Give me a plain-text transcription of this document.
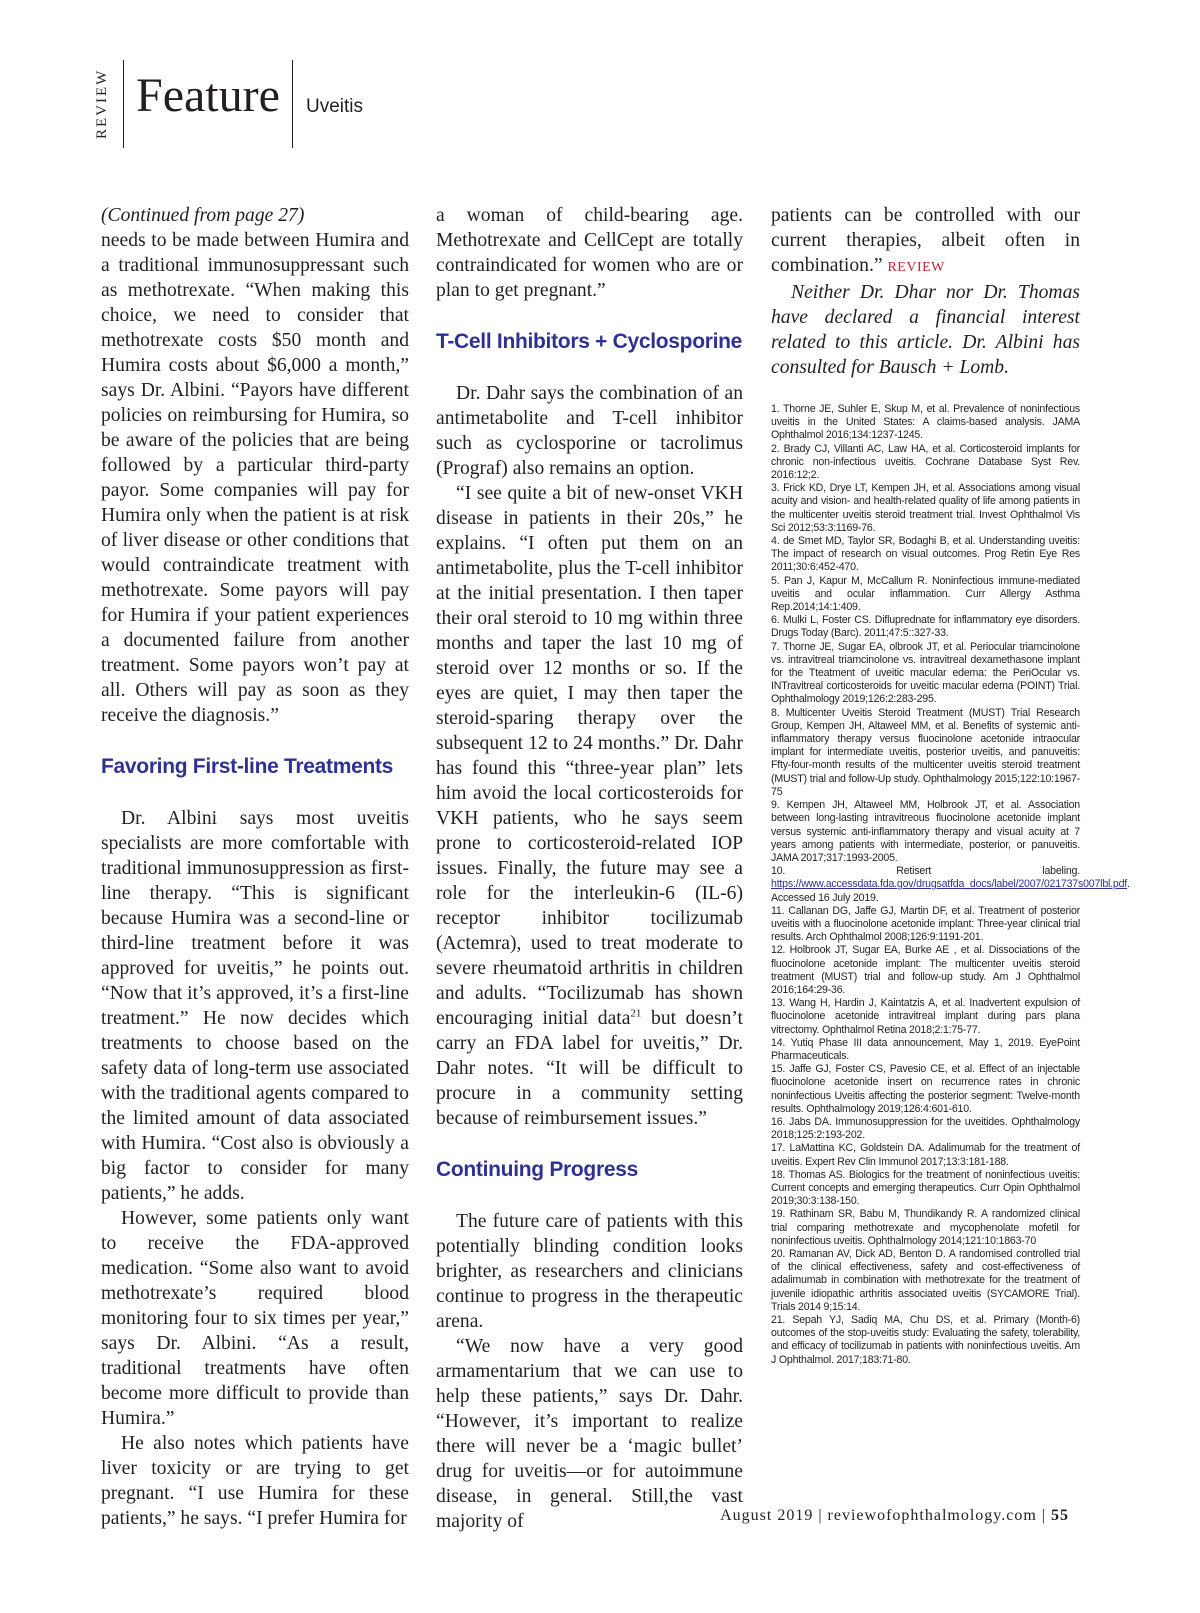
REVIEW Feature Uveitis

(Continued from page 27)

needs to be made between Humira and a traditional immunosuppressant such as methotrexate. “When making this choice, we need to consider that methotrexate costs $50 month and Humira costs about $6,000 a month,” says Dr. Albini. “Payors have different policies on reimbursing for Humira, so be aware of the policies that are being followed by a particular third-party payor. Some companies will pay for Humira only when the patient is at risk of liver disease or other conditions that would contraindicate treatment with methotrexate. Some payors will pay for Humira if your patient experiences a documented failure from another treatment. Some payors won’t pay at all. Others will pay as soon as they receive the diagnosis.”

Favoring First-line Treatments

Dr. Albini says most uveitis specialists are more comfortable with traditional immunosuppression as first-line therapy. “This is significant because Humira was a second-line or third-line treatment before it was approved for uveitis,” he points out. “Now that it’s approved, it’s a first-line treatment.” He now decides which treatments to choose based on the safety data of long-term use associated with the traditional agents compared to the limited amount of data associated with Humira. “Cost also is obviously a big factor to consider for many patients,” he adds.

However, some patients only want to receive the FDA-approved medication. “Some also want to avoid methotrexate’s required blood monitoring four to six times per year,” says Dr. Albini. “As a result, traditional treatments have often become more difficult to provide than Humira.”

He also notes which patients have liver toxicity or are trying to get pregnant. “I use Humira for these patients,” he says. “I prefer Humira for

a woman of child-bearing age. Methotrexate and CellCept are totally contraindicated for women who are or plan to get pregnant.”

T-Cell Inhibitors + Cyclosporine

Dr. Dahr says the combination of an antimetabolite and T-cell inhibitor such as cyclosporine or tacrolimus (Prograf) also remains an option.

“I see quite a bit of new-onset VKH disease in patients in their 20s,” he explains. “I often put them on an antimetabolite, plus the T-cell inhibitor at the initial presentation. I then taper their oral steroid to 10 mg within three months and taper the last 10 mg of steroid over 12 months or so. If the eyes are quiet, I may then taper the steroid-sparing therapy over the subsequent 12 to 24 months.” Dr. Dahr has found this “three-year plan” lets him avoid the local corticosteroids for VKH patients, who he says seem prone to corticosteroid-related IOP issues. Finally, the future may see a role for the interleukin-6 (IL-6) receptor inhibitor tocilizumab (Actemra), used to treat moderate to severe rheumatoid arthritis in children and adults. “Tocilizumab has shown encouraging initial data$^{21}$ but doesn’t carry an FDA label for uveitis,” Dr. Dahr notes. “It will be difficult to procure in a community setting because of reimbursement issues.”

Continuing Progress

The future care of patients with this potentially blinding condition looks brighter, as researchers and clinicians continue to progress in the therapeutic arena.

“We now have a very good armamentarium that we can use to help these patients,” says Dr. Dahr. “However, it’s important to realize there will never be a ‘magic bullet’ drug for uveitis—or for autoimmune disease, in general. Still,the vast majority of

patients can be controlled with our current therapies, albeit often in combination.” REVIEW

Neither Dr. Dhar nor Dr. Thomas have declared a financial interest related to this article. Dr. Albini has consulted for Bausch + Lomb.

1. Thorne JE, Suhler E, Skup M, et al. Prevalence of noninfectious uveitis in the United States: A claims-based analysis. JAMA Ophthalmol 2016;134:1237-1245.
2. Brady CJ, Villanti AC, Law HA, et al. Corticosteroid implants for chronic non-infectious uveitis. Cochrane Database Syst Rev. 2016:12;2.
3. Frick KD, Drye LT, Kempen JH, et al. Associations among visual acuity and vision- and health-related quality of life among patients in the multicenter uveitis steroid treatment trial. Invest Ophthalmol Vis Sci 2012;53:3:1169-76.
4. de Smet MD, Taylor SR, Bodaghi B, et al. Understanding uveitis: The impact of research on visual outcomes. Prog Retin Eye Res 2011;30:6:452-470.
5. Pan J, Kapur M, McCallum R. Noninfectious immune-mediated uveitis and ocular inflammation. Curr Allergy Asthma Rep.2014;14:1:409.
6. Mulki L, Foster CS. Difluprednate for inflammatory eye disorders. Drugs Today (Barc). 2011;47:5::327-33.
7. Thorne JE, Sugar EA, olbrook JT, et al. Periocular triamcinolone vs. intravitreal triamcinolone vs. intravitreal dexamethasone implant for the Tteatment of uveitic macular edema: the PeriOcular vs. INTravitreal corticosteroids for uveitic macular edema (POINT) Trial. Ophthalmology 2019;126:2:283-295.
8. Multicenter Uveitis Steroid Treatment (MUST) Trial Research Group, Kempen JH, Altaweel MM, et al. Benefits of systemic anti-inflammatory therapy versus fluocinolone acetonide intraocular implant for intermediate uveitis, posterior uveitis, and panuveitis: Ffty-four-month results of the multicenter uveitis steroid treatment (MUST) trial and follow-Up study. Ophthalmology 2015;122:10:1967-75
9. Kempen JH, Altaweel MM, Holbrook JT, et al. Association between long-lasting intravitreous fluocinolone acetonide implant versus systemic anti-inflammatory therapy and visual acuity at 7 years among patients with intermediate, posterior, or panuveitis. JAMA 2017;317:1993-2005.
10. Retisert labeling. https://www.accessdata.fda.gov/drugsatfda_docs/label/2007/021737s007lbl.pdf. Accessed 16 July 2019.
11. Callanan DG, Jaffe GJ, Martin DF, et al. Treatment of posterior uveitis with a fluocinolone acetonide implant: Three-year clinical trial results. Arch Ophthalmol 2008;126:9:1191-201.
12. Holbrook JT, Sugar EA, Burke AE , et al. Dissociations of the fluocinolone acetonide implant: The multicenter uveitis steroid treatment (MUST) trial and follow-up study. Am J Ophthalmol 2016;164:29-36.
13. Wang H, Hardin J, Kaintatzis A, et al. Inadvertent expulsion of fluocinolone acetonide intravitreal implant during pars plana vitrectomy. Ophthalmol Retina 2018;2:1:75-77.
14. Yutiq Phase III data announcement, May 1, 2019. EyePoint Pharmaceuticals.
15. Jaffe GJ, Foster CS, Pavesio CE, et al. Effect of an injectable fluocinolone acetonide insert on recurrence rates in chronic noninfectious Uveitis affecting the posterior segment: Twelve-month results. Ophthalmology 2019;126:4:601-610.
16. Jabs DA. Immunosuppression for the uveitides. Ophthalmology 2018;125:2:193-202.
17. LaMattina KC, Goldstein DA. Adalimumab for the treatment of uveitis. Expert Rev Clin Immunol 2017;13:3:181-188.
18. Thomas AS. Biologics for the treatment of noninfectious uveitis: Current concepts and emerging therapeutics. Curr Opin Ophthalmol 2019;30:3:138-150.
19. Rathinam SR, Babu M, Thundikandy R. A randomized clinical trial comparing methotrexate and mycophenolate mofetil for noninfectious uveitis. Ophthalmology 2014;121:10:1863-70
20. Ramanan AV, Dick AD, Benton D. A randomised controlled trial of the clinical effectiveness, safety and cost-effectiveness of adalimumab in combination with methotrexate for the treatment of juvenile idiopathic arthritis associated uveitis (SYCAMORE Trial). Trials 2014 9;15:14.
21. Sepah YJ, Sadiq MA, Chu DS, et al. Primary (Month-6) outcomes of the stop-uveitis study: Evaluating the safety, tolerability, and efficacy of tocilizumab in patients with noninfectious uveitis. Am J Ophthalmol. 2017;183:71-80.
August 2019 | reviewofophthalmology.com | 55
